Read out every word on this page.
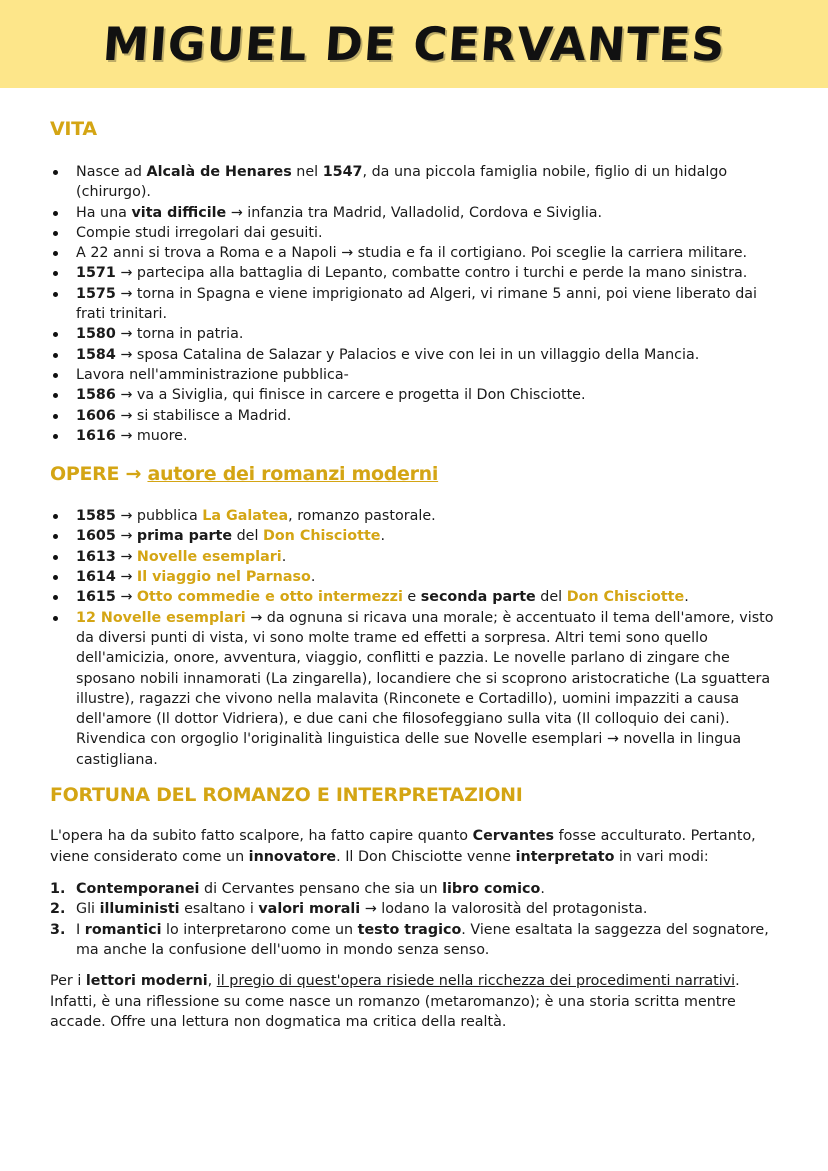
MIGUEL DE CERVANTES
VITA
Nasce ad Alcalà de Henares nel 1547, da una piccola famiglia nobile, figlio di un hidalgo (chirurgo).
Ha una vita difficile → infanzia tra Madrid, Valladolid, Cordova e Siviglia.
Compie studi irregolari dai gesuiti.
A 22 anni si trova a Roma e a Napoli → studia e fa il cortigiano. Poi sceglie la carriera militare.
1571 → partecipa alla battaglia di Lepanto, combatte contro i turchi e perde la mano sinistra.
1575 → torna in Spagna e viene imprigionato ad Algeri, vi rimane 5 anni, poi viene liberato dai frati trinitari.
1580 → torna in patria.
1584 → sposa Catalina de Salazar y Palacios e vive con lei in un villaggio della Mancia.
Lavora nell'amministrazione pubblica-
1586 → va a Siviglia, qui finisce in carcere e progetta il Don Chisciotte.
1606 → si stabilisce a Madrid.
1616 → muore.
OPERE → autore dei romanzi moderni
1585 → pubblica La Galatea, romanzo pastorale.
1605 → prima parte del Don Chisciotte.
1613 → Novelle esemplari.
1614 → Il viaggio nel Parnaso.
1615 → Otto commedie e otto intermezzi e seconda parte del Don Chisciotte.
12 Novelle esemplari → da ognuna si ricava una morale; è accentuato il tema dell'amore, visto da diversi punti di vista, vi sono molte trame ed effetti a sorpresa. Altri temi sono quello dell'amicizia, onore, avventura, viaggio, conflitti e pazzia. Le novelle parlano di zingare che sposano nobili innamorati (La zingarella), locandiere che si scoprono aristocratiche (La sguattera illustre), ragazzi che vivono nella malavita (Rinconete e Cortadillo), uomini impazziti a causa dell'amore (Il dottor Vidriera), e due cani che filosofeggiano sulla vita (Il colloquio dei cani). Rivendica con orgoglio l'originalità linguistica delle sue Novelle esemplari → novella in lingua castigliana.
FORTUNA DEL ROMANZO E INTERPRETAZIONI

L'opera ha da subito fatto scalpore, ha fatto capire quanto Cervantes fosse acculturato. Pertanto, viene considerato come un innovatore. Il Don Chisciotte venne interpretato in vari modi:

1. Contemporanei di Cervantes pensano che sia un libro comico.
2. Gli illuministi esaltano i valori morali → lodano la valorosità del protagonista.
3. I romantici lo interpretarono come un testo tragico. Viene esaltata la saggezza del sognatore, ma anche la confusione dell'uomo in mondo senza senso.

Per i lettori moderni, il pregio di quest'opera risiede nella ricchezza dei procedimenti narrativi. Infatti, è una riflessione su come nasce un romanzo (metaromanzo); è una storia scritta mentre accade. Offre una lettura non dogmatica ma critica della realtà.
